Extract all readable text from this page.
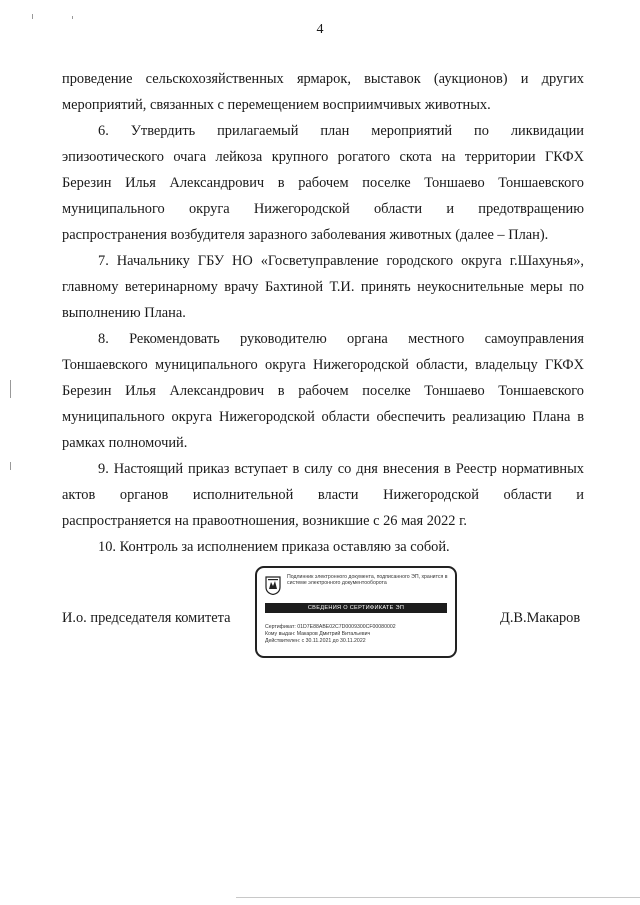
4
проведение сельскохозяйственных ярмарок, выставок (аукционов) и других
мероприятий, связанных с перемещением восприимчивых животных.
6. Утвердить прилагаемый план мероприятий по ликвидации
эпизоотического очага лейкоза крупного рогатого скота на территории ГКФХ
Березин Илья Александрович в рабочем поселке Тоншаево Тоншаевского
муниципального округа Нижегородской области и предотвращению
распространения возбудителя заразного заболевания животных (далее – План).
7. Начальнику ГБУ НО «Госветуправление городского округа г.Шахунья»,
главному ветеринарному врачу Бахтиной Т.И. принять неукоснительные меры по
выполнению Плана.
8. Рекомендовать руководителю органа местного самоуправления
Тоншаевского муниципального округа Нижегородской области, владельцу ГКФХ
Березин Илья Александрович в рабочем поселке Тоншаево Тоншаевского
муниципального округа Нижегородской области обеспечить реализацию Плана в
рамках полномочий.
9. Настоящий приказ вступает в силу со дня внесения в Реестр нормативных
актов органов исполнительной власти Нижегородской области и
распространяется на правоотношения, возникшие с 26 мая 2022 г.
10. Контроль за исполнением приказа оставляю за собой.
И.о. председателя комитета
Подлинник электронного документа, подписанного ЭП, хранится в системе электронного документооборота
СВЕДЕНИЯ О СЕРТИФИКАТЕ ЭП
Сертификат: 01D7E88ABE02C7D0009300CF00080002
Кому выдан: Макаров Дмитрий Витальевич
Действителен: с 30.11.2021 до 30.11.2022
Д.В.Макаров
